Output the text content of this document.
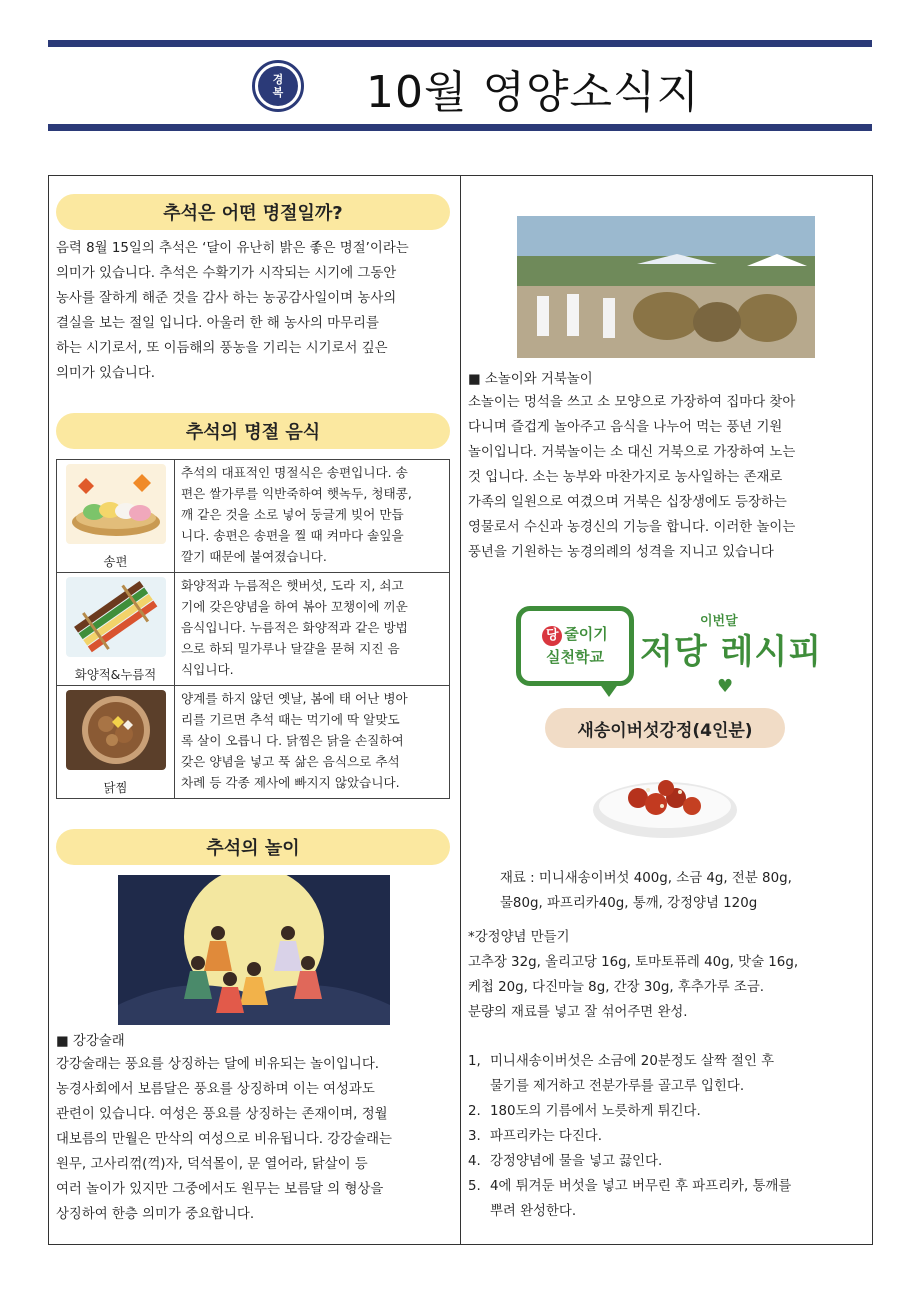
경
복 10월 영양소식지
추석은 어떤 명절일까?
음력 8월 15일의 추석은 ‘달이 유난히 밝은 좋은 명절’이라는
의미가 있습니다. 추석은 수확기가 시작되는 시기에 그동안
농사를 잘하게 해준 것을 감사 하는 농공감사일이며 농사의
결실을 보는 절일 입니다. 아울러 한 해 농사의 마무리를
하는 시기로서, 또 이듬해의 풍농을 기리는 시기로서 깊은
의미가 있습니다.
추석의 명절 음식
송편	추석의 대표적인 명절식은 송편입니다. 송
편은 쌀가루를 익반죽하여 햇녹두, 청태콩,
깨 같은 것을 소로 넣어 둥글게 빚어 만듭
니다. 송편은 송편을 찔 때 켜마다 솔잎을
깔기 때문에 붙여졌습니다.

화양적&누름적	화양적과 누름적은 햇버섯, 도라 지, 쇠고
기에 갖은양념을 하여 볶아 꼬챙이에 끼운
음식입니다. 누름적은 화양적과 같은 방법
으로 하되 밀가루나 달걀을 묻혀 지진 음
식입니다.

닭찜	양계를 하지 않던 옛날, 봄에 태 어난 병아
리를 기르면 추석 때는 먹기에 딱 알맞도
록 살이 오릅니 다. 닭찜은 닭을 손질하여
갖은 양념을 넣고 푹 삶은 음식으로 추석
차례 등 각종 제사에 빠지지 않았습니다.
추석의 놀이
■ 강강술래
강강술래는 풍요를 상징하는 달에 비유되는 놀이입니다.
농경사회에서 보름달은 풍요를 상징하며 이는 여성과도
관련이 있습니다. 여성은 풍요를 상징하는 존재이며, 정월
대보름의 만월은 만삭의 여성으로 비유됩니다. 강강술래는
원무, 고사리꺾(꺽)자, 덕석몰이, 문 열어라, 닭살이 등
여러 놀이가 있지만 그중에서도 원무는 보름달 의 형상을
상징하여 한층 의미가 중요합니다.
■ 소놀이와 거북놀이
소놀이는 멍석을 쓰고 소 모양으로 가장하여 집마다 찾아
다니며 즐겁게 놀아주고 음식을 나누어 먹는 풍년 기원
놀이입니다. 거북놀이는 소 대신 거북으로 가장하여 노는
것 입니다. 소는 농부와 마찬가지로 농사일하는 존재로
가족의 일원으로 여겼으며 거북은 십장생에도 등장하는
영물로서 수신과 농경신의 기능을 합니다. 이러한 놀이는
풍년을 기원하는 농경의례의 성격을 지니고 있습니다
당 줄이기
실천학교
이번달
저당 레시피
♥
새송이버섯강정(4인분)
재료 : 미니새송이버섯 400g, 소금 4g, 전분 80g,
물80g, 파프리카40g, 통깨, 강정양념 120g
*강정양념 만들기
고추장 32g, 올리고당 16g, 토마토퓨레 40g, 맛술 16g,
케첩 20g, 다진마늘 8g, 간장 30g, 후추가루 조금.
분량의 재료를 넣고 잘 섞어주면 완성.
1, 미니새송이버섯은 소금에 20분정도 살짝 절인 후
물기를 제거하고 전분가루를 골고루 입힌다.
2. 180도의 기름에서 노릇하게 튀긴다.
3. 파프리카는 다진다.
4. 강정양념에 물을 넣고 끓인다.
5. 4에 튀겨둔 버섯을 넣고 버무린 후 파프리카, 통깨를
뿌려 완성한다.
